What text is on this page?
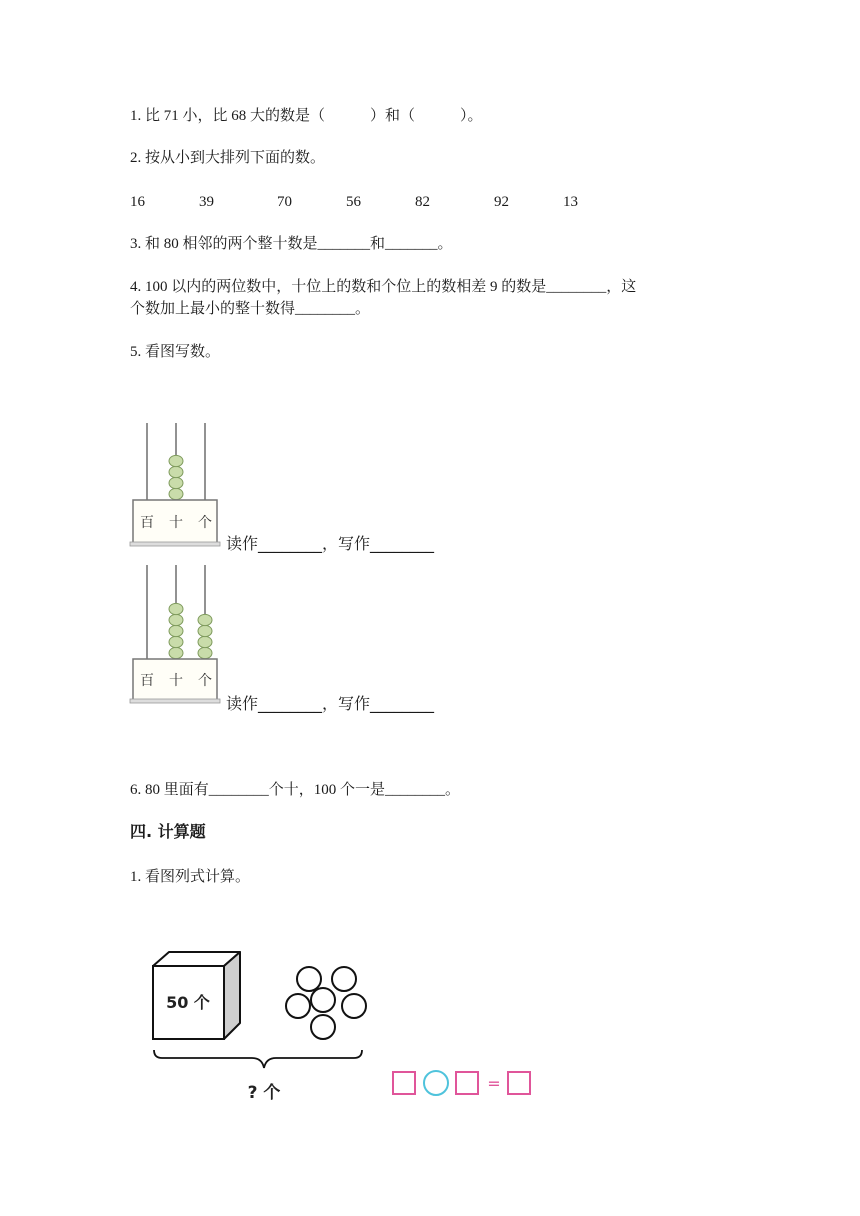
1. 比 71 小，比 68 大的数是（　　　）和（　　　）。
2. 按从小到大排列下面的数。
16	39	70	56	82	92	13
3. 和 80 相邻的两个整十数是_______和_______。
4. 100 以内的两位数中，十位上的数和个位上的数相差 9 的数是________，这
个数加上最小的整十数得________。
5. 看图写数。
百 十 个
读作________，写作________
百 十 个
读作________，写作________
6. 80 里面有________个十，100 个一是________。
四. 计算题
1. 看图列式计算。
50 个
? 个	=
